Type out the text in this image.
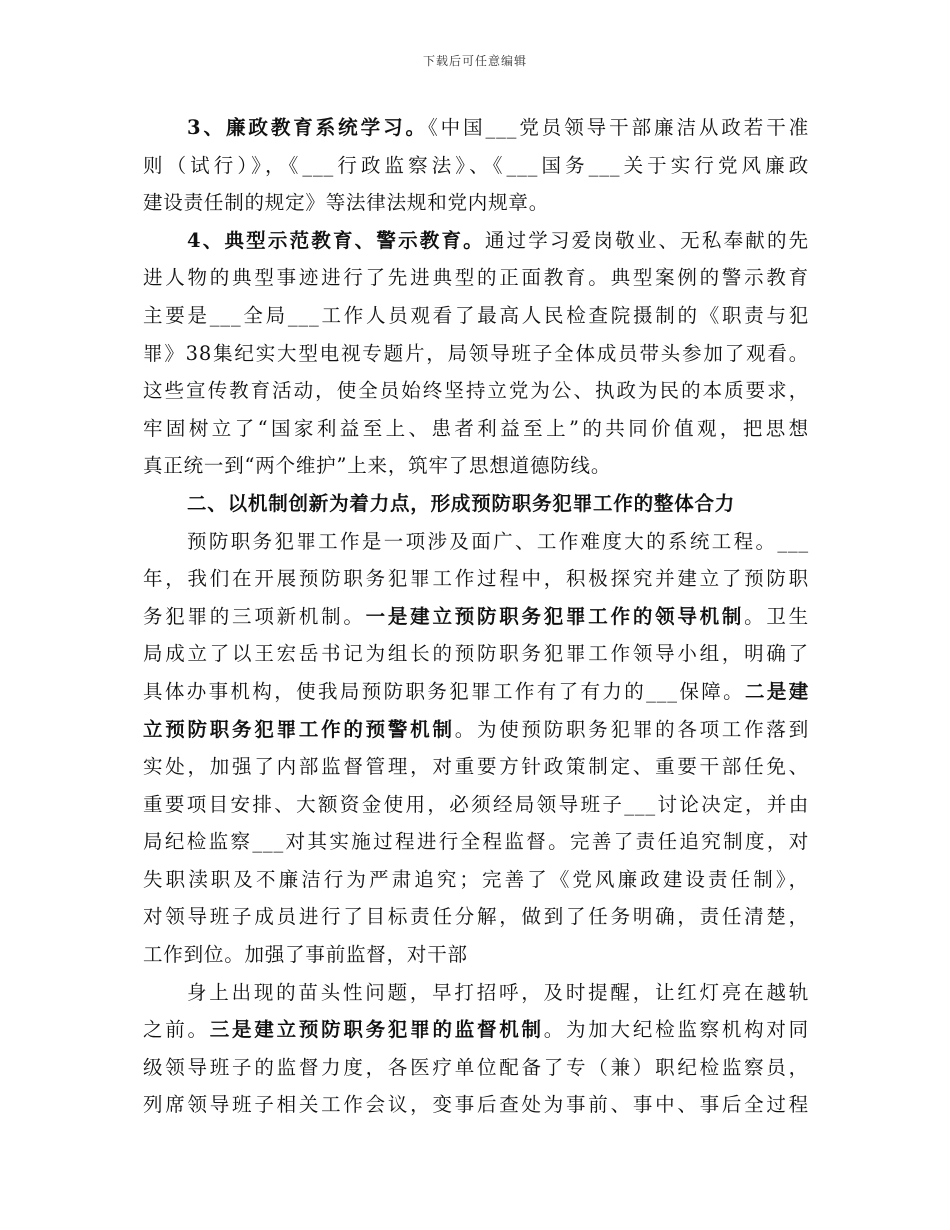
下载后可任意编辑
3、廉政教育系统学习。《中国___党员领导干部廉洁从政若干准
则（试行）》，《___行政监察法》、《___国务___关于实行党风廉政
建设责任制的规定》等法律法规和党内规章。
4、典型示范教育、警示教育。通过学习爱岗敬业、无私奉献的先
进人物的典型事迹进行了先进典型的正面教育。典型案例的警示教育
主要是___全局___工作人员观看了最高人民检查院摄制的《职责与犯
罪》38集纪实大型电视专题片，局领导班子全体成员带头参加了观看。
这些宣传教育活动，使全员始终坚持立党为公、执政为民的本质要求，
牢固树立了“国家利益至上、患者利益至上”的共同价值观，把思想
真正统一到“两个维护”上来，筑牢了思想道德防线。
二、以机制创新为着力点，形成预防职务犯罪工作的整体合力
预防职务犯罪工作是一项涉及面广、工作难度大的系统工程。___
年，我们在开展预防职务犯罪工作过程中，积极探究并建立了预防职
务犯罪的三项新机制。一是建立预防职务犯罪工作的领导机制。卫生
局成立了以王宏岳书记为组长的预防职务犯罪工作领导小组，明确了
具体办事机构，使我局预防职务犯罪工作有了有力的___保障。二是建
立预防职务犯罪工作的预警机制。为使预防职务犯罪的各项工作落到
实处，加强了内部监督管理，对重要方针政策制定、重要干部任免、
重要项目安排、大额资金使用，必须经局领导班子___讨论决定，并由
局纪检监察___对其实施过程进行全程监督。完善了责任追究制度，对
失职渎职及不廉洁行为严肃追究；完善了《党风廉政建设责任制》，
对领导班子成员进行了目标责任分解，做到了任务明确，责任清楚，
工作到位。加强了事前监督，对干部
身上出现的苗头性问题，早打招呼，及时提醒，让红灯亮在越轨
之前。三是建立预防职务犯罪的监督机制。为加大纪检监察机构对同
级领导班子的监督力度，各医疗单位配备了专（兼）职纪检监察员，
列席领导班子相关工作会议，变事后查处为事前、事中、事后全过程
